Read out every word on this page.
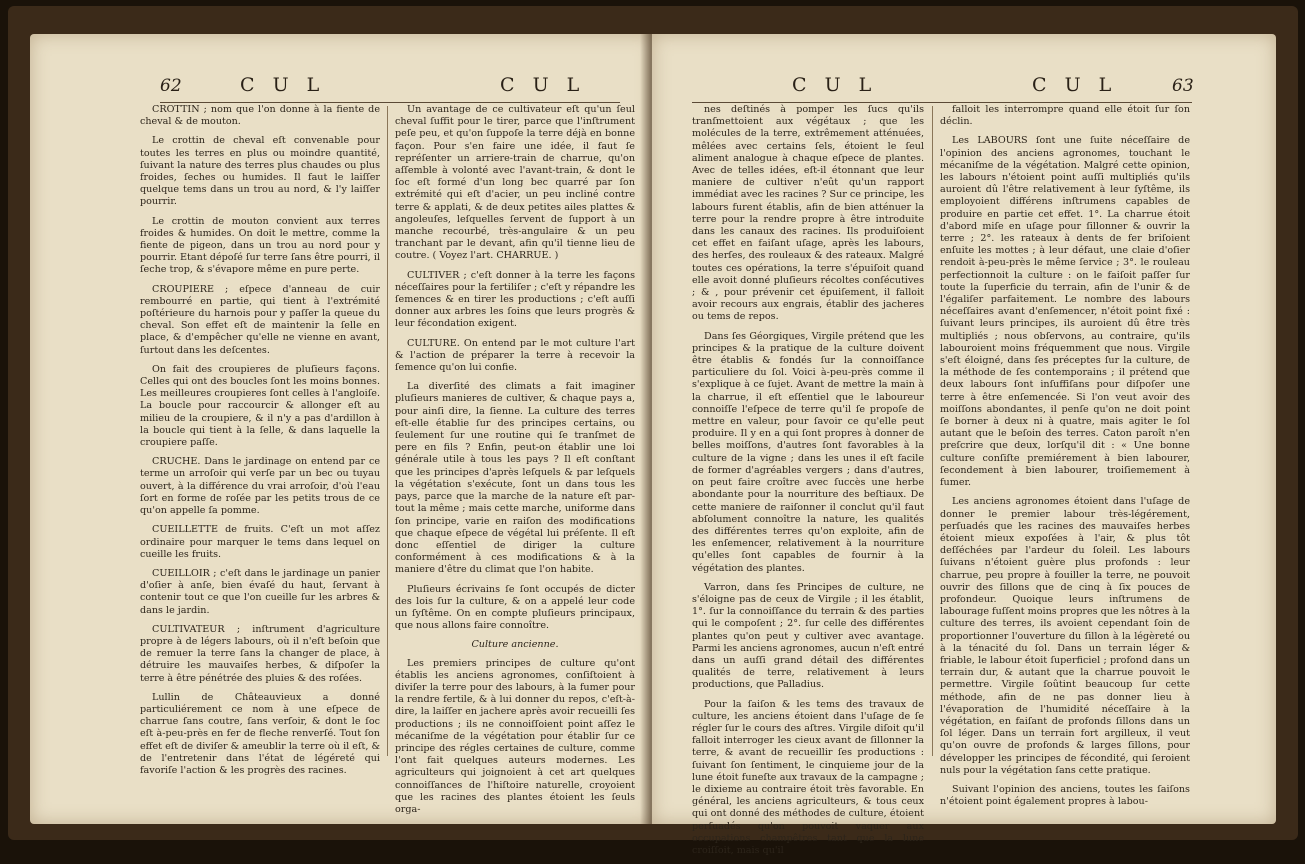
62	C U L	C U L

CROTTIN ; nom que l'on donne à la fiente de cheval & de mouton.

Le crottin de cheval eſt convenable pour toutes les terres en plus ou moindre quantité, ſuivant la nature des terres plus chaudes ou plus froides, ſeches ou humides. Il faut le laiſſer quelque tems dans un trou au nord, & l'y laiſſer pourrir.

Le crottin de mouton convient aux terres froides & humides. On doit le mettre, comme la fiente de pigeon, dans un trou au nord pour y pourrir. Etant dépoſé ſur terre ſans être pourri, il ſeche trop, & s'évapore même en pure perte.

CROUPIERE ; eſpece d'anneau de cuir rembourré en partie, qui tient à l'extrémité poſtérieure du harnois pour y paſſer la queue du cheval. Son effet eſt de maintenir la ſelle en place, & d'empêcher qu'elle ne vienne en avant, ſurtout dans les deſcentes.

On fait des croupieres de pluſieurs façons. Celles qui ont des boucles ſont les moins bonnes. Les meilleures croupieres ſont celles à l'angloiſe. La boucle pour raccourcir & allonger eſt au milieu de la croupiere, & il n'y a pas d'ardillon à la boucle qui tient à la ſelle, & dans laquelle la croupiere paſſe.

CRUCHE. Dans le jardinage on entend par ce terme un arroſoir qui verſe par un bec ou tuyau ouvert, à la différence du vrai arroſoir, d'où l'eau ſort en forme de roſée par les petits trous de ce qu'on appelle ſa pomme.

CUEILLETTE de fruits. C'eſt un mot aſſez ordinaire pour marquer le tems dans lequel on cueille les fruits.

CUEILLOIR ; c'eſt dans le jardinage un panier d'oſier à anſe, bien évaſé du haut, ſervant à contenir tout ce que l'on cueille ſur les arbres & dans le jardin.

CULTIVATEUR ; inſtrument d'agriculture propre à de légers labours, où il n'eſt beſoin que de remuer la terre ſans la changer de place, à détruire les mauvaiſes herbes, & diſpoſer la terre à être pénétrée des pluies & des roſées.

Lullin de Châteauvieux a donné particuliérement ce nom à une eſpece de charrue ſans coutre, ſans verſoir, & dont le ſoc eſt à-peu-près en fer de fleche renverſé. Tout ſon effet eſt de diviſer & ameublir la terre où il eſt, & de l'entretenir dans l'état de légéreté qui favoriſe l'action & les progrès des racines.

Un avantage de ce cultivateur eſt qu'un ſeul cheval ſuffit pour le tirer, parce que l'inſtrument peſe peu, et qu'on ſuppoſe la terre déjà en bonne façon. Pour s'en faire une idée, il faut ſe repréſenter un arriere-train de charrue, qu'on aſſemble à volonté avec l'avant-train, & dont le ſoc eſt formé d'un long bec quarré par ſon extrémité qui eſt d'acier, un peu incliné contre terre & applati, & de deux petites ailes plattes & angoleuſes, leſquelles ſervent de ſupport à un manche recourbé, très-angulaire & un peu tranchant par le devant, afin qu'il tienne lieu de coutre. ( Voyez l'art. CHARRUE. )

CULTIVER ; c'eſt donner à la terre les façons néceſſaires pour la fertiliſer ; c'eſt y répandre les ſemences & en tirer les productions ; c'eſt auſſi donner aux arbres les ſoins que leurs progrès & leur fécondation exigent.

CULTURE. On entend par le mot culture l'art & l'action de préparer la terre à recevoir la ſemence qu'on lui confie.

La diverſité des climats a fait imaginer pluſieurs manieres de cultiver, & chaque pays a, pour ainſi dire, la ſienne. La culture des terres eſt-elle établie ſur des principes certains, ou ſeulement ſur une routine qui ſe tranſmet de pere en fils ? Enfin, peut-on établir une loi générale utile à tous les pays ? Il eſt conſtant que les principes d'après leſquels & par leſquels la végétation s'exécute, ſont un dans tous les pays, parce que la marche de la nature eſt par-tout la même ; mais cette marche, uniforme dans ſon principe, varie en raiſon des modifications que chaque eſpece de végétal lui préſente. Il eſt donc eſſentiel de diriger la culture conformément à ces modifications & à la maniere d'être du climat que l'on habite.

Pluſieurs écrivains ſe ſont occupés de dicter des lois ſur la culture, & on a appelé leur code un ſyſtême. On en compte pluſieurs principaux, que nous allons faire connoître.

Culture ancienne.

Les premiers principes de culture qu'ont établis les anciens agronomes, conſiſtoient à diviſer la terre pour des labours, à la fumer pour la rendre fertile, & à lui donner du repos, c'eſt-à-dire, la laiſſer en jachere après avoir recueilli ſes productions ; ils ne connoiſſoient point aſſez le mécaniſme de la végétation pour établir ſur ce principe des régles certaines de culture, comme l'ont fait quelques auteurs modernes. Les agriculteurs qui joignoient à cet art quelques connoiſſances de l'hiſtoire naturelle, croyoient que les racines des plantes étoient les ſeuls orga-

C U L	C U L	63

nes deſtinés à pomper les ſucs qu'ils tranſmettoient aux végétaux ; que les molécules de la terre, extrêmement atténuées, mêlées avec certains ſels, étoient le ſeul aliment analogue à chaque eſpece de plantes. Avec de telles idées, eſt-il étonnant que leur maniere de cultiver n'eût qu'un rapport immédiat avec les racines ? Sur ce principe, les labours furent établis, afin de bien atténuer la terre pour la rendre propre à être introduite dans les canaux des racines. Ils produiſoient cet effet en faiſant uſage, après les labours, des herſes, des rouleaux & des rateaux. Malgré toutes ces opérations, la terre s'épuiſoit quand elle avoit donné pluſieurs récoltes conſécutives ; & , pour prévenir cet épuiſement, il falloit avoir recours aux engrais, établir des jacheres ou tems de repos.

Dans ſes Géorgiques, Virgile prétend que les principes & la pratique de la culture doivent être établis & fondés ſur la connoiſſance particuliere du ſol. Voici à-peu-près comme il s'explique à ce ſujet. Avant de mettre la main à la charrue, il eſt eſſentiel que le laboureur connoiſſe l'eſpece de terre qu'il ſe propoſe de mettre en valeur, pour ſavoir ce qu'elle peut produire. Il y en a qui ſont propres à donner de belles moiſſons, d'autres ſont favorables à la culture de la vigne ; dans les unes il eſt facile de former d'agréables vergers ; dans d'autres, on peut faire croître avec ſuccès une herbe abondante pour la nourriture des beſtiaux. De cette maniere de raiſonner il conclut qu'il faut abſolument connoître la nature, les qualités des différentes terres qu'on exploite, afin de les enſemencer, relativement à la nourriture qu'elles ſont capables de fournir à la végétation des plantes.

Varron, dans ſes Principes de culture, ne s'éloigne pas de ceux de Virgile ; il les établit, 1°. ſur la connoiſſance du terrain & des parties qui le compoſent ; 2°. ſur celle des différentes plantes qu'on peut y cultiver avec avantage. Parmi les anciens agronomes, aucun n'eſt entré dans un auſſi grand détail des différentes qualités de terre, relativement à leurs productions, que Palladius.

Pour la ſaiſon & les tems des travaux de culture, les anciens étoient dans l'uſage de ſe régler ſur le cours des aſtres. Virgile diſoit qu'il falloit interroger les cieux avant de ſillonner la terre, & avant de recueillir ſes productions : ſuivant ſon ſentiment, le cinquieme jour de la lune étoit funeſte aux travaux de la campagne ; le dixieme au contraire étoit très favorable. En général, les anciens agriculteurs, & tous ceux qui ont donné des méthodes de culture, étoient perſuadés qu'on pouvoit vaquer aux occupations champêtres tant que la lune croiſſoit, mais qu'il

falloit les interrompre quand elle étoit ſur ſon déclin.

Les LABOURS ſont une ſuite néceſſaire de l'opinion des anciens agronomes, touchant le mécaniſme de la végétation. Malgré cette opinion, les labours n'étoient point auſſi multipliés qu'ils auroient dû l'être relativement à leur ſyſtême, ils employoient différens inſtrumens capables de produire en partie cet effet. 1°. La charrue étoit d'abord miſe en uſage pour ſillonner & ouvrir la terre ; 2°. les rateaux à dents de fer briſoient enſuite les mottes ; à leur défaut, une claie d'oſier rendoit à-peu-près le même ſervice ; 3°. le rouleau perfectionnoit la culture : on le faiſoit paſſer ſur toute la ſuperficie du terrain, afin de l'unir & de l'égaliſer parfaitement. Le nombre des labours néceſſaires avant d'enſemencer, n'étoit point fixé : ſuivant leurs principes, ils auroient dû être très multipliés ; nous obſervons, au contraire, qu'ils labouroient moins fréquemment que nous. Virgile s'eſt éloigné, dans ſes préceptes ſur la culture, de la méthode de ſes contemporains ; il prétend que deux labours ſont inſuffiſans pour diſpoſer une terre à être enſemencée. Si l'on veut avoir des moiſſons abondantes, il penſe qu'on ne doit point ſe borner à deux ni à quatre, mais agiter le ſol autant que le beſoin des terres. Caton paroît n'en preſcrire que deux, lorſqu'il dit : « Une bonne culture conſiſte premiérement à bien labourer, ſecondement à bien labourer, troiſiemement à fumer.

Les anciens agronomes étoient dans l'uſage de donner le premier labour très-légérement, perſuadés que les racines des mauvaiſes herbes étoient mieux expoſées à l'air, & plus tôt deſſéchées par l'ardeur du ſoleil. Les labours ſuivans n'étoient guère plus profonds : leur charrue, peu propre à fouiller la terre, ne pouvoit ouvrir des ſillons que de cinq à ſix pouces de profondeur. Quoique leurs inſtrumens de labourage fuſſent moins propres que les nôtres à la culture des terres, ils avoient cependant ſoin de proportionner l'ouverture du ſillon à la légèreté ou à la ténacité du ſol. Dans un terrain léger & friable, le labour étoit ſuperficiel ; profond dans un terrain dur, & autant que la charrue pouvoit le permettre. Virgile ſoûtint beaucoup ſur cette méthode, afin de ne pas donner lieu à l'évaporation de l'humidité néceſſaire à la végétation, en faiſant de profonds ſillons dans un ſol léger. Dans un terrain fort argilleux, il veut qu'on ouvre de profonds & larges ſillons, pour développer les principes de fécondité, qui ſeroient nuls pour la végétation ſans cette pratique.

Suivant l'opinion des anciens, toutes les ſaiſons n'étoient point également propres à labou-
